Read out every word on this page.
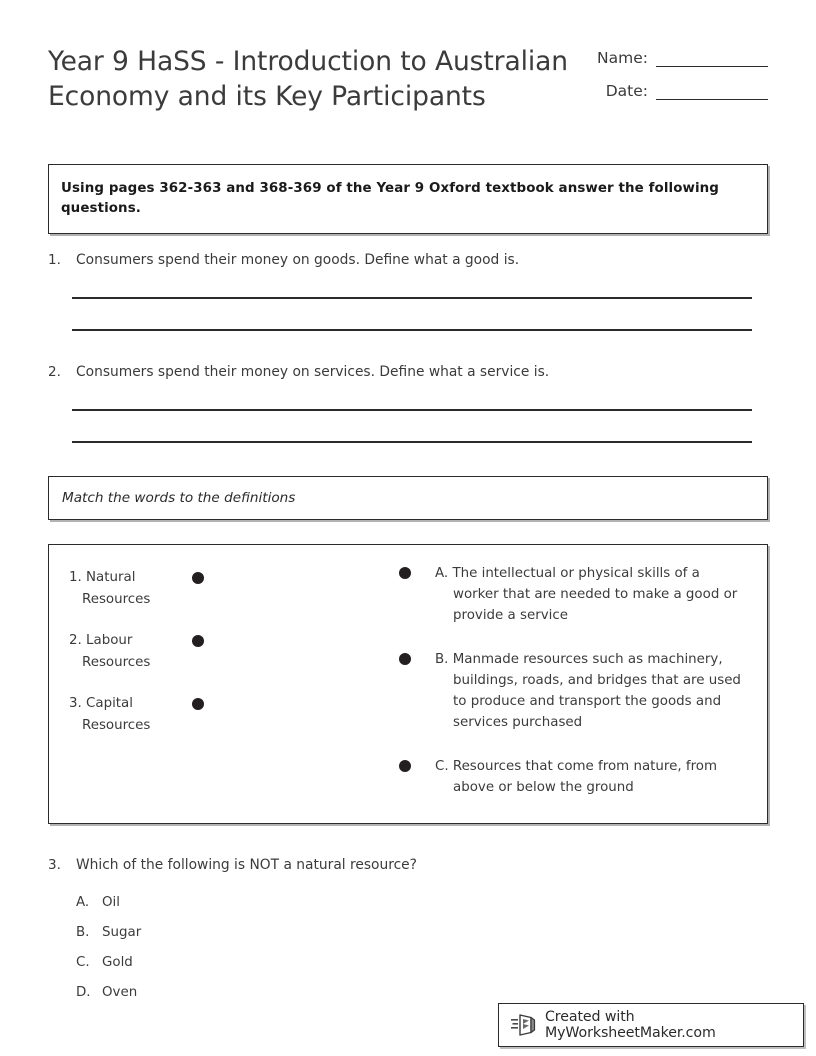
Year 9 HaSS - Introduction to Australian Economy and its Key Participants
Name:
Date:
Using pages 362-363 and 368-369 of the Year 9 Oxford textbook answer the following questions.
1.	Consumers spend their money on goods. Define what a good is.
2.	Consumers spend their money on services. Define what a service is.
Match the words to the definitions
1. Natural Resources
2. Labour Resources
3. Capital Resources
A. The intellectual or physical skills of a worker that are needed to make a good or provide a service
B. Manmade resources such as machinery, buildings, roads, and bridges that are used to produce and transport the goods and services purchased
C. Resources that come from nature, from above or below the ground
3.	Which of the following is NOT a natural resource?
A. Oil
B. Sugar
C. Gold
D. Oven
Created with MyWorksheetMaker.com
